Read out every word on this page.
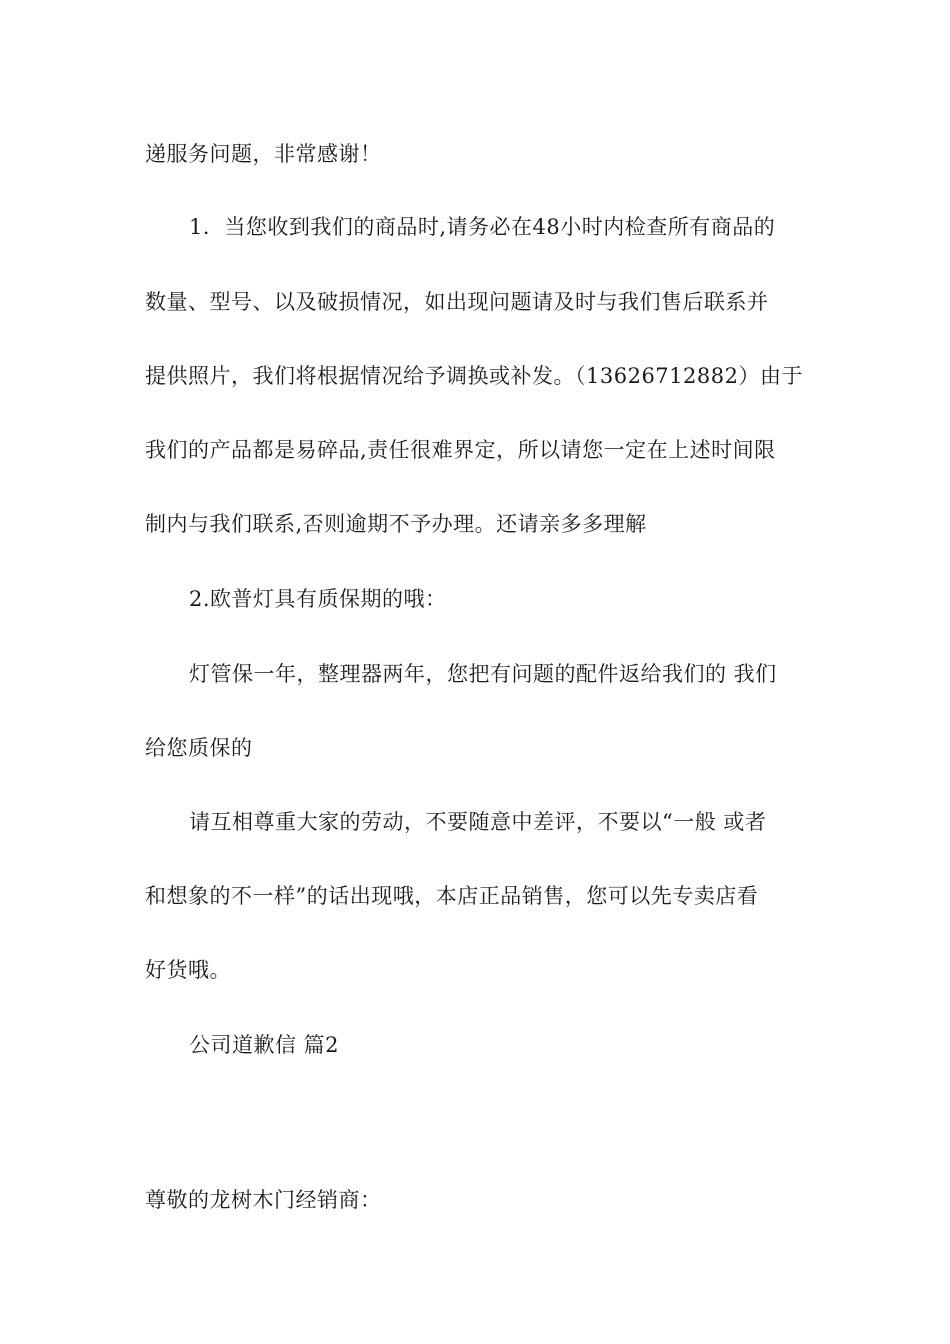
递服务问题，非常感谢！
1．当您收到我们的商品时,请务必在48小时内检查所有商品的
数量、型号、以及破损情况，如出现问题请及时与我们售后联系并
提供照片，我们将根据情况给予调换或补发。（13626712882）由于
我们的产品都是易碎品,责任很难界定，所以请您一定在上述时间限
制内与我们联系,否则逾期不予办理。还请亲多多理解
2.欧普灯具有质保期的哦：
灯管保一年，整理器两年，您把有问题的配件返给我们的 我们
给您质保的
请互相尊重大家的劳动，不要随意中差评，不要以“一般 或者
和想象的不一样”的话出现哦，本店正品销售，您可以先专卖店看
好货哦。
公司道歉信 篇2
尊敬的龙树木门经销商：
